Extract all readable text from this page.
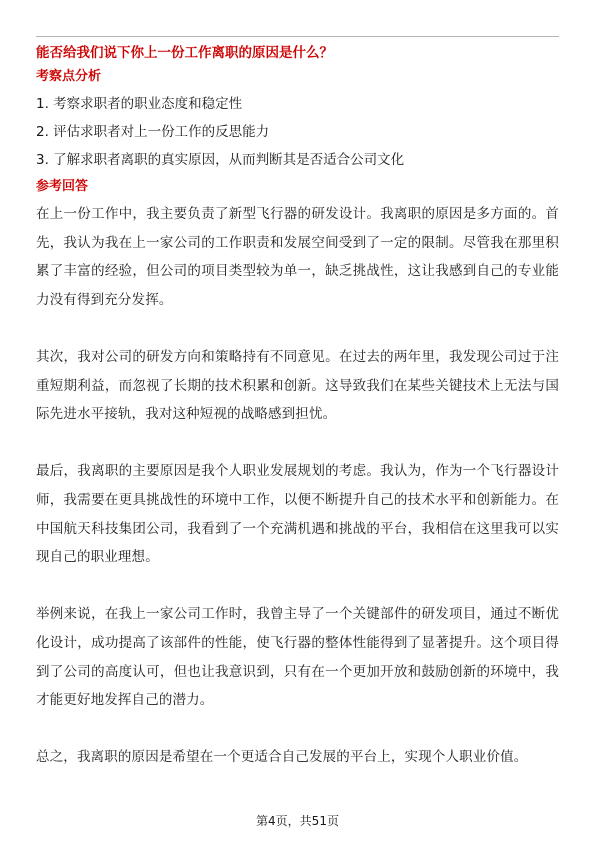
能否给我们说下你上一份工作离职的原因是什么？
考察点分析
1. 考察求职者的职业态度和稳定性
2. 评估求职者对上一份工作的反思能力
3. 了解求职者离职的真实原因，从而判断其是否适合公司文化
参考回答

在上一份工作中，我主要负责了新型飞行器的研发设计。我离职的原因是多方面的。首先，我认为我在上一家公司的工作职责和发展空间受到了一定的限制。尽管我在那里积累了丰富的经验，但公司的项目类型较为单一，缺乏挑战性，这让我感到自己的专业能力没有得到充分发挥。

其次，我对公司的研发方向和策略持有不同意见。在过去的两年里，我发现公司过于注重短期利益，而忽视了长期的技术积累和创新。这导致我们在某些关键技术上无法与国际先进水平接轨，我对这种短视的战略感到担忧。

最后，我离职的主要原因是我个人职业发展规划的考虑。我认为，作为一个飞行器设计师，我需要在更具挑战性的环境中工作，以便不断提升自己的技术水平和创新能力。在中国航天科技集团公司，我看到了一个充满机遇和挑战的平台，我相信在这里我可以实现自己的职业理想。

举例来说，在我上一家公司工作时，我曾主导了一个关键部件的研发项目，通过不断优化设计，成功提高了该部件的性能，使飞行器的整体性能得到了显著提升。这个项目得到了公司的高度认可，但也让我意识到，只有在一个更加开放和鼓励创新的环境中，我才能更好地发挥自己的潜力。

总之，我离职的原因是希望在一个更适合自己发展的平台上，实现个人职业价值。

第4页，共51页
